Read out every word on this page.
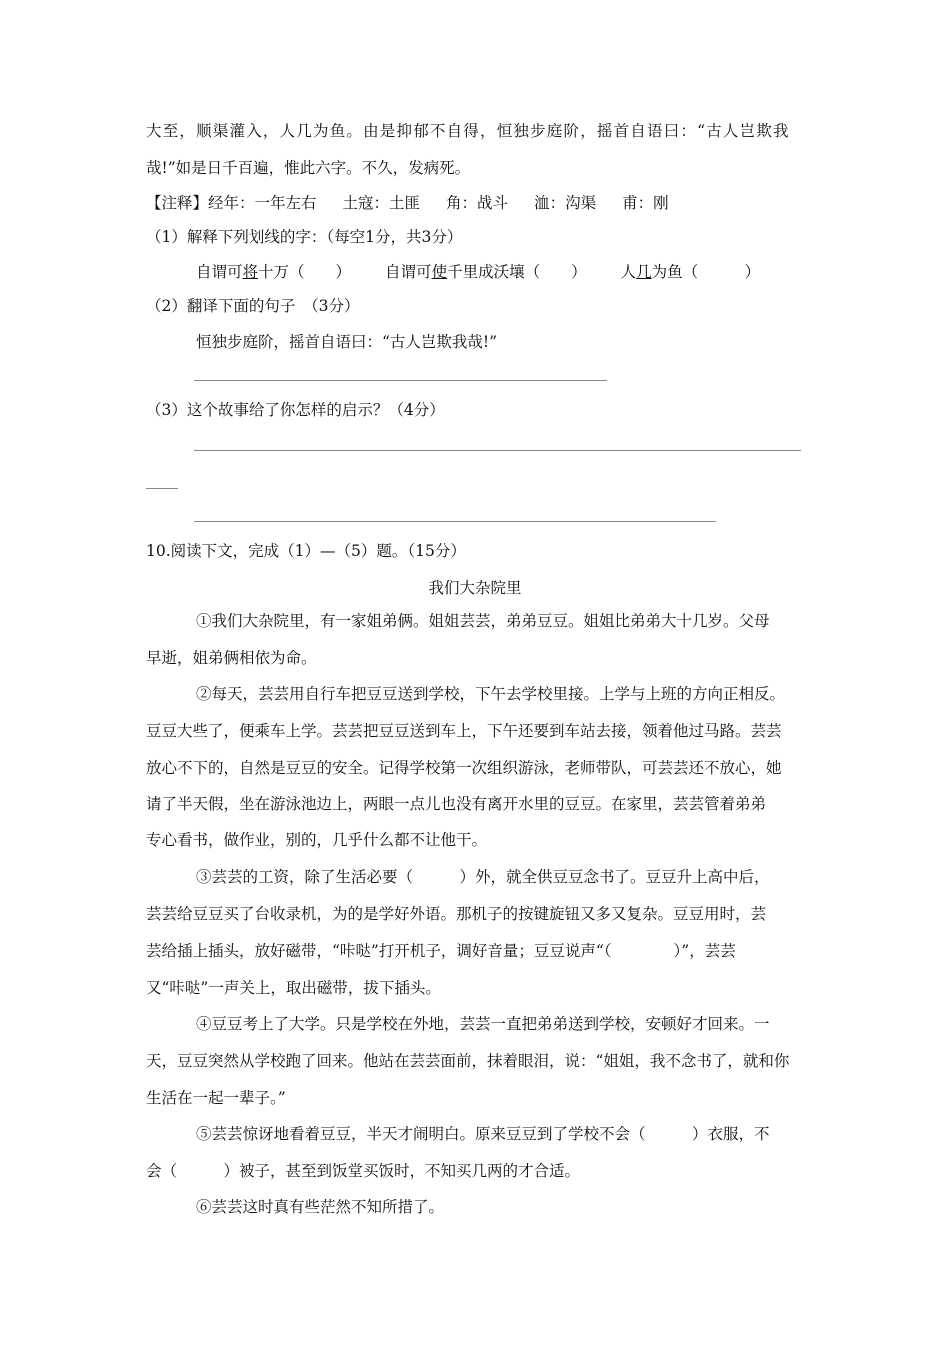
大至，顺渠灌入，人几为鱼。由是抑郁不自得，恒独步庭阶，摇首自语曰：“古人岂欺我
哉!”如是日千百遍，惟此六字。不久，发病死。
【注释】经年：一年左右 土寇：土匪 角：战斗 洫：沟渠 甫：刚
（1）解释下列划线的字：（每空1分，共3分）
自谓可将十万（　　） 自谓可使千里成沃壤（　　） 人几为鱼（　　　）
（2）翻译下面的句子　（3分）
恒独步庭阶，摇首自语曰：“古人岂欺我哉!”
（3）这个故事给了你怎样的启示？（4分）
10.阅读下文，完成（1）—（5）题。（15分）
我们大杂院里
①我们大杂院里，有一家姐弟俩。姐姐芸芸，弟弟豆豆。姐姐比弟弟大十几岁。父母
早逝，姐弟俩相依为命。
②每天，芸芸用自行车把豆豆送到学校，下午去学校里接。上学与上班的方向正相反。
豆豆大些了，便乘车上学。芸芸把豆豆送到车上，下午还要到车站去接，领着他过马路。芸芸
放心不下的，自然是豆豆的安全。记得学校第一次组织游泳，老师带队，可芸芸还不放心，她
请了半天假，坐在游泳池边上，两眼一点儿也没有离开水里的豆豆。在家里，芸芸管着弟弟
专心看书，做作业，别的，几乎什么都不让他干。
③芸芸的工资，除了生活必要（　　　）外，就全供豆豆念书了。豆豆升上高中后，
芸芸给豆豆买了台收录机，为的是学好外语。那机子的按键旋钮又多又复杂。豆豆用时，芸
芸给插上插头，放好磁带，“咔哒”打开机子，调好音量；豆豆说声“（　　　　）”，芸芸
又“咔哒”一声关上，取出磁带，拔下插头。
④豆豆考上了大学。只是学校在外地，芸芸一直把弟弟送到学校，安顿好才回来。一
天，豆豆突然从学校跑了回来。他站在芸芸面前，抹着眼泪，说：“姐姐，我不念书了，就和你
生活在一起一辈子。”
⑤芸芸惊讶地看着豆豆，半天才闹明白。原来豆豆到了学校不会（　　　）衣服，不
会（　　　）被子，甚至到饭堂买饭时，不知买几两的才合适。
⑥芸芸这时真有些茫然不知所措了。
